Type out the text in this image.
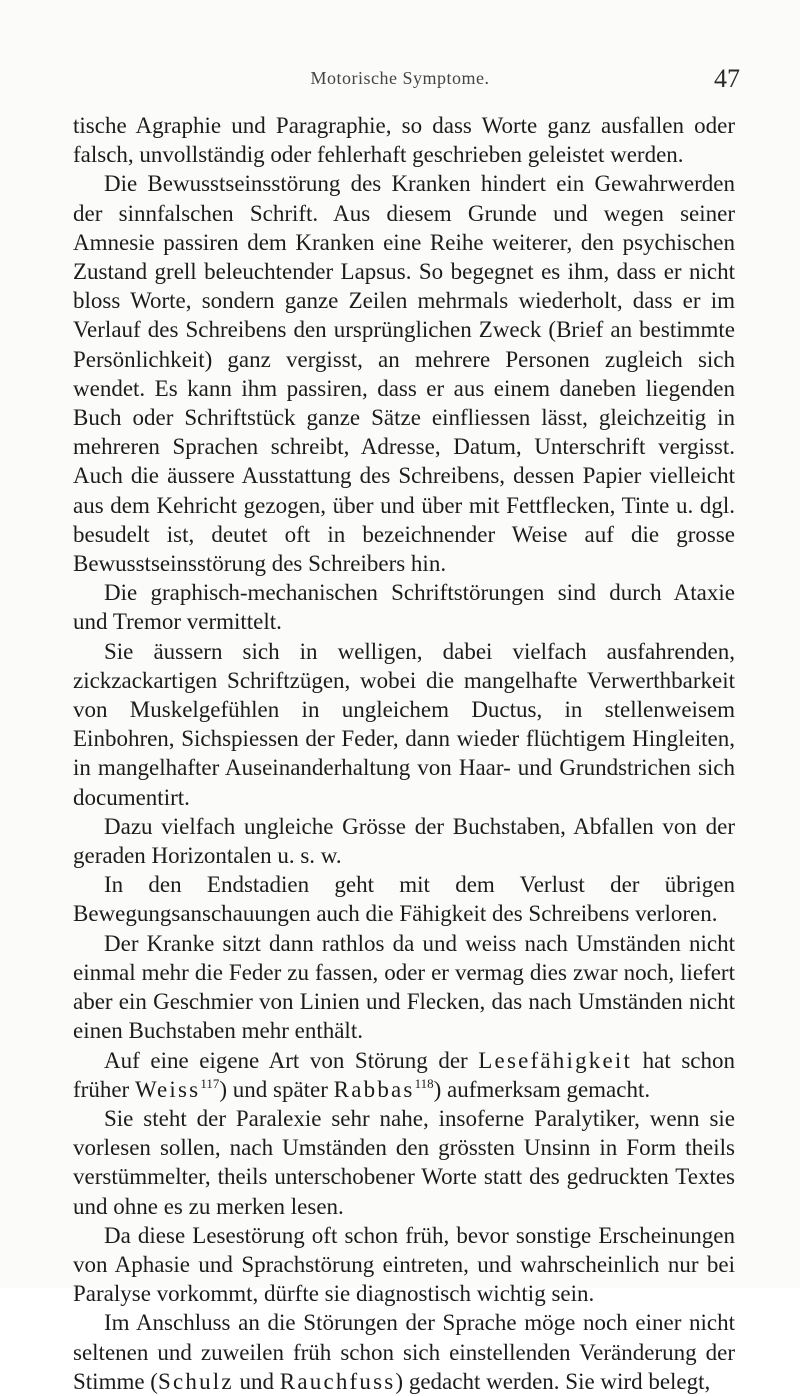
Motorische Symptome.	47

tische Agraphie und Paragraphie, so dass Worte ganz ausfallen oder falsch, unvollständig oder fehlerhaft geschrieben geleistet werden.

Die Bewusstseinsstörung des Kranken hindert ein Gewahrwerden der sinnfalschen Schrift. Aus diesem Grunde und wegen seiner Amnesie passiren dem Kranken eine Reihe weiterer, den psychischen Zustand grell beleuchtender Lapsus. So begegnet es ihm, dass er nicht bloss Worte, sondern ganze Zeilen mehrmals wiederholt, dass er im Verlauf des Schreibens den ursprünglichen Zweck (Brief an bestimmte Persönlichkeit) ganz vergisst, an mehrere Personen zugleich sich wendet. Es kann ihm passiren, dass er aus einem daneben liegenden Buch oder Schriftstück ganze Sätze einfliessen lässt, gleichzeitig in mehreren Sprachen schreibt, Adresse, Datum, Unterschrift vergisst. Auch die äussere Ausstattung des Schreibens, dessen Papier vielleicht aus dem Kehricht gezogen, über und über mit Fettflecken, Tinte u. dgl. besudelt ist, deutet oft in bezeichnender Weise auf die grosse Bewusstseinsstörung des Schreibers hin.

Die graphisch-mechanischen Schriftstörungen sind durch Ataxie und Tremor vermittelt.

Sie äussern sich in welligen, dabei vielfach ausfahrenden, zickzackartigen Schriftzügen, wobei die mangelhafte Verwerthbarkeit von Muskelgefühlen in ungleichem Ductus, in stellenweisem Einbohren, Sichspiessen der Feder, dann wieder flüchtigem Hingleiten, in mangelhafter Auseinanderhaltung von Haar- und Grundstrichen sich documentirt.

Dazu vielfach ungleiche Grösse der Buchstaben, Abfallen von der geraden Horizontalen u. s. w.

In den Endstadien geht mit dem Verlust der übrigen Bewegungsanschauungen auch die Fähigkeit des Schreibens verloren.

Der Kranke sitzt dann rathlos da und weiss nach Umständen nicht einmal mehr die Feder zu fassen, oder er vermag dies zwar noch, liefert aber ein Geschmier von Linien und Flecken, das nach Umständen nicht einen Buchstaben mehr enthält.

Auf eine eigene Art von Störung der Lesefähigkeit hat schon früher Weiss$^{117}$) und später Rabbas$^{118}$) aufmerksam gemacht.

Sie steht der Paralexie sehr nahe, insoferne Paralytiker, wenn sie vorlesen sollen, nach Umständen den grössten Unsinn in Form theils verstümmelter, theils unterschobener Worte statt des gedruckten Textes und ohne es zu merken lesen.

Da diese Lesestörung oft schon früh, bevor sonstige Erscheinungen von Aphasie und Sprachstörung eintreten, und wahrscheinlich nur bei Paralyse vorkommt, dürfte sie diagnostisch wichtig sein.

Im Anschluss an die Störungen der Sprache möge noch einer nicht seltenen und zuweilen früh schon sich einstellenden Veränderung der Stimme (Schulz und Rauchfuss) gedacht werden. Sie wird belegt,
